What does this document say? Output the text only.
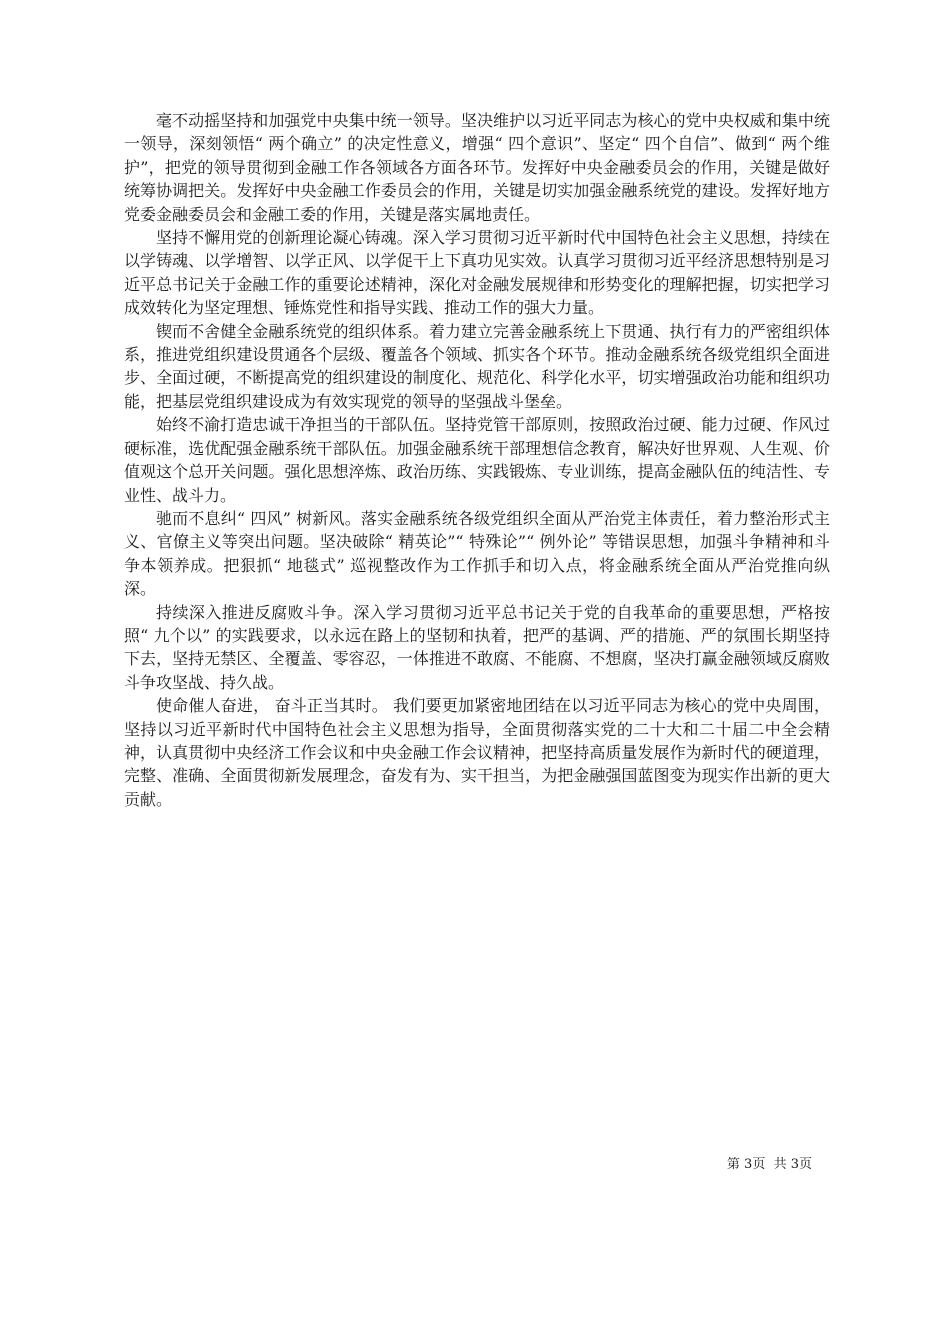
毫不动摇坚持和加强党中央集中统一领导。坚决维护以习近平同志为核心的党中央权威和集中统一领导，深刻领悟“ 两个确立” 的决定性意义，增强“ 四个意识”、坚定“ 四个自信”、做到“ 两个维护”，把党的领导贯彻到金融工作各领域各方面各环节。发挥好中央金融委员会的作用，关键是做好统筹协调把关。发挥好中央金融工作委员会的作用，关键是切实加强金融系统党的建设。发挥好地方党委金融委员会和金融工委的作用，关键是落实属地责任。

坚持不懈用党的创新理论凝心铸魂。深入学习贯彻习近平新时代中国特色社会主义思想，持续在以学铸魂、以学增智、以学正风、以学促干上下真功见实效。认真学习贯彻习近平经济思想特别是习近平总书记关于金融工作的重要论述精神，深化对金融发展规律和形势变化的理解把握，切实把学习成效转化为坚定理想、锤炼党性和指导实践、推动工作的强大力量。

锲而不舍健全金融系统党的组织体系。着力建立完善金融系统上下贯通、执行有力的严密组织体系，推进党组织建设贯通各个层级、覆盖各个领域、抓实各个环节。推动金融系统各级党组织全面进步、全面过硬，不断提高党的组织建设的制度化、规范化、科学化水平，切实增强政治功能和组织功能，把基层党组织建设成为有效实现党的领导的坚强战斗堡垒。

始终不渝打造忠诚干净担当的干部队伍。坚持党管干部原则，按照政治过硬、能力过硬、作风过硬标准，选优配强金融系统干部队伍。加强金融系统干部理想信念教育，解决好世界观、人生观、价值观这个总开关问题。强化思想淬炼、政治历练、实践锻炼、专业训练，提高金融队伍的纯洁性、专业性、战斗力。

驰而不息纠“ 四风” 树新风。落实金融系统各级党组织全面从严治党主体责任，着力整治形式主义、官僚主义等突出问题。坚决破除“ 精英论”“ 特殊论”“ 例外论” 等错误思想，加强斗争精神和斗争本领养成。把狠抓“ 地毯式” 巡视整改作为工作抓手和切入点，将金融系统全面从严治党推向纵深。

持续深入推进反腐败斗争。深入学习贯彻习近平总书记关于党的自我革命的重要思想，严格按照“ 九个以” 的实践要求，以永远在路上的坚韧和执着，把严的基调、严的措施、严的氛围长期坚持下去，坚持无禁区、全覆盖、零容忍，一体推进不敢腐、不能腐、不想腐，坚决打赢金融领域反腐败斗争攻坚战、持久战。

使命催人奋进， 奋斗正当其时。 我们要更加紧密地团结在以习近平同志为核心的党中央周围，坚持以习近平新时代中国特色社会主义思想为指导，全面贯彻落实党的二十大和二十届二中全会精神，认真贯彻中央经济工作会议和中央金融工作会议精神，把坚持高质量发展作为新时代的硬道理，完整、准确、全面贯彻新发展理念，奋发有为、实干担当，为把金融强国蓝图变为现实作出新的更大贡献。

第 3页  共 3页
